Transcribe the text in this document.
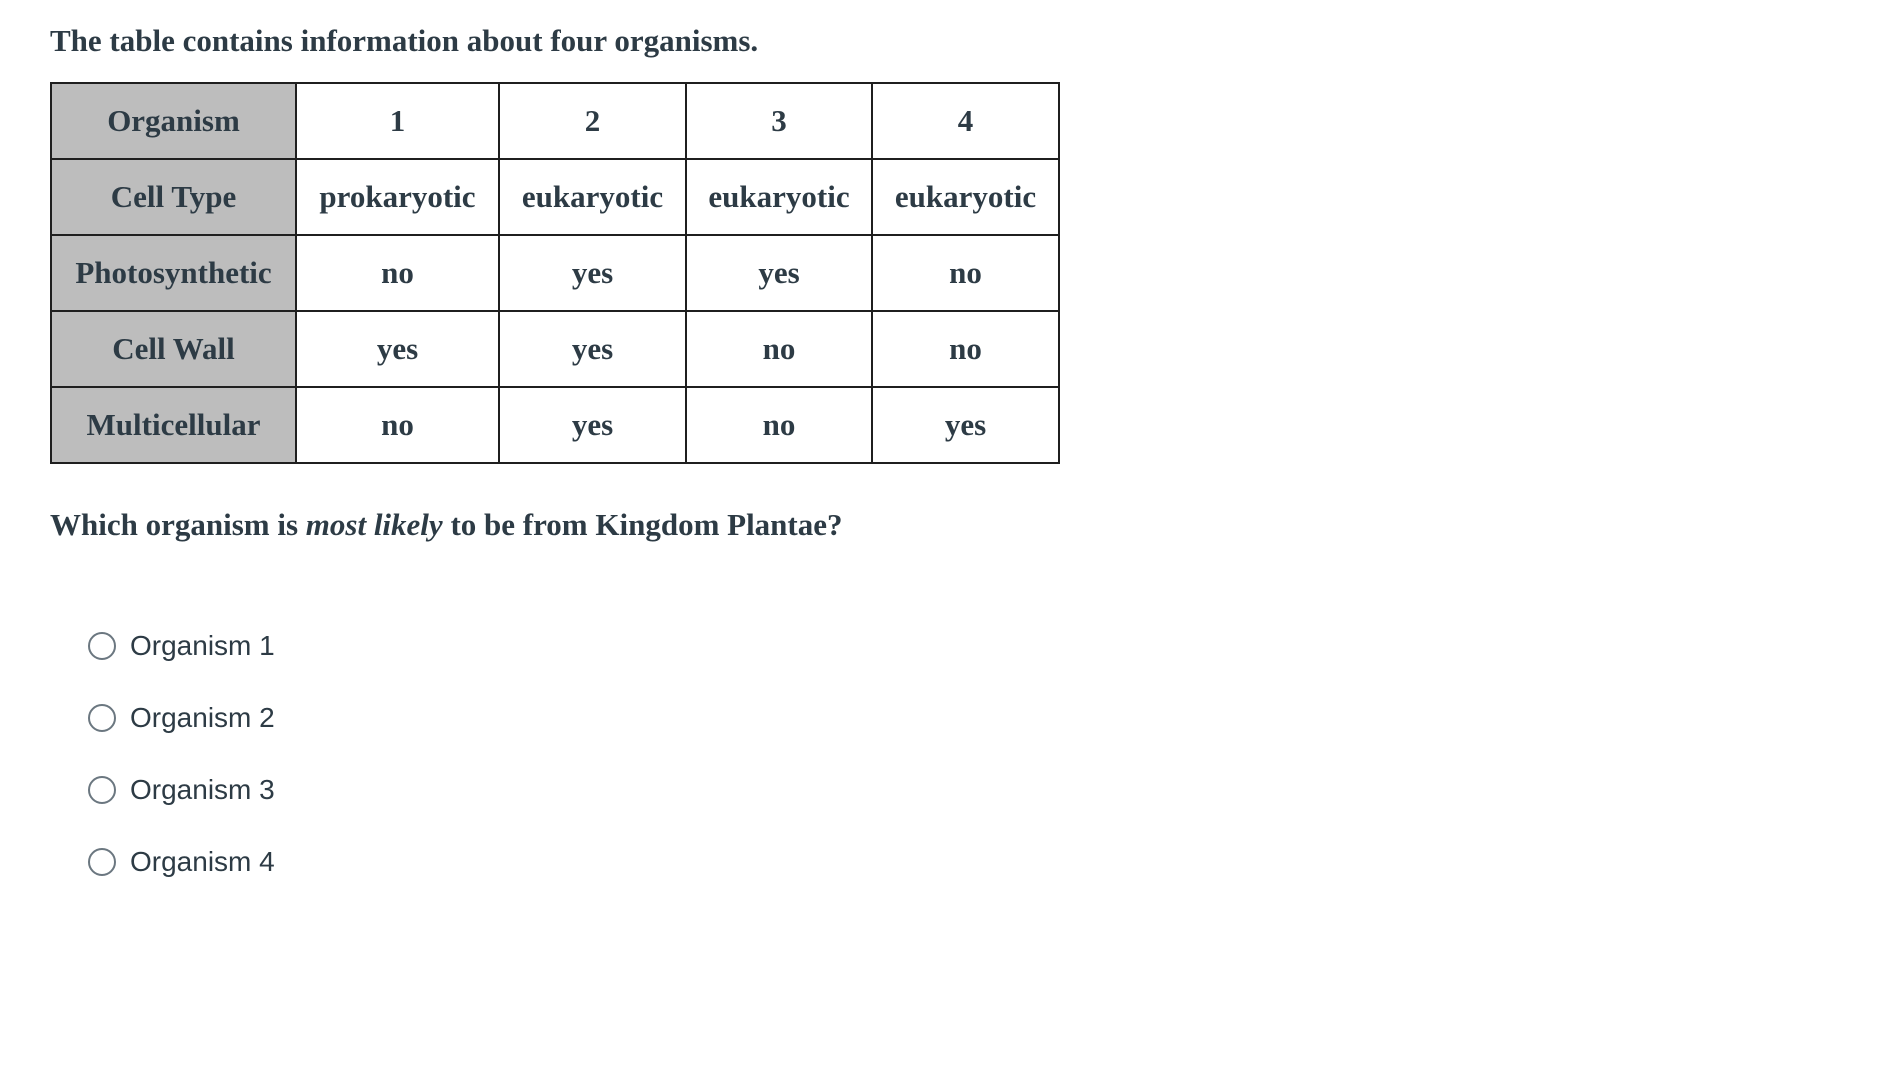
The table contains information about four organisms.

Organism	1	2	3	4
Cell Type	prokaryotic	eukaryotic	eukaryotic	eukaryotic
Photosynthetic	no	yes	yes	no
Cell Wall	yes	yes	no	no
Multicellular	no	yes	no	yes

Which organism is most likely to be from Kingdom Plantae?

Organism 1
Organism 2
Organism 3
Organism 4
